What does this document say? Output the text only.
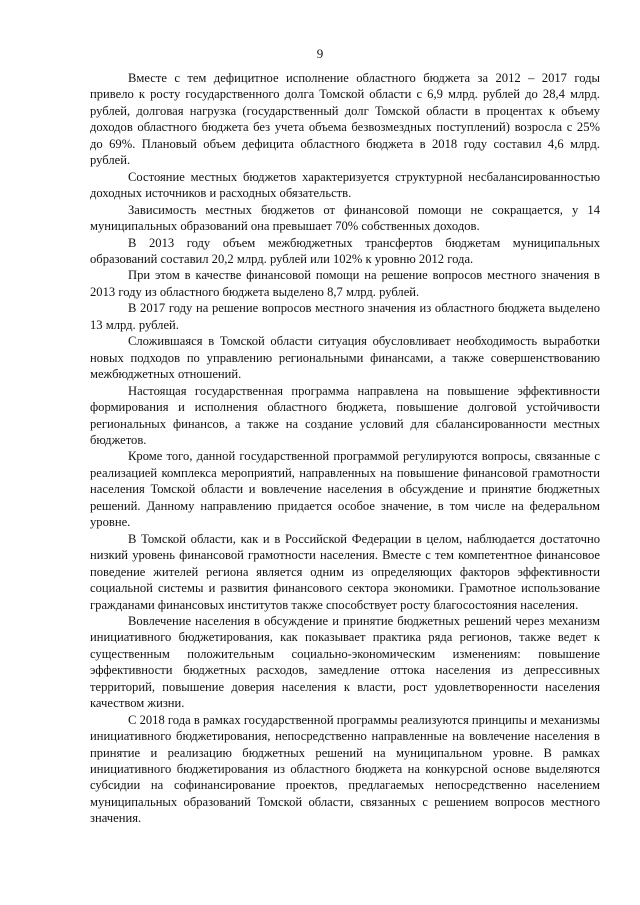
9

Вместе с тем дефицитное исполнение областного бюджета за 2012 – 2017 годы привело к росту государственного долга Томской области с 6,9 млрд. рублей до 28,4 млрд. рублей, долговая нагрузка (государственный долг Томской области в процентах к объему доходов областного бюджета без учета объема безвозмездных поступлений) возросла с 25% до 69%. Плановый объем дефицита областного бюджета в 2018 году составил 4,6 млрд. рублей.

Состояние местных бюджетов характеризуется структурной несбалансированностью доходных источников и расходных обязательств.

Зависимость местных бюджетов от финансовой помощи не сокращается, у 14 муниципальных образований она превышает 70% собственных доходов.

В 2013 году объем межбюджетных трансфертов бюджетам муниципальных образований составил 20,2 млрд. рублей или 102% к уровню 2012 года.

При этом в качестве финансовой помощи на решение вопросов местного значения в 2013 году из областного бюджета выделено 8,7 млрд. рублей.

В 2017 году на решение вопросов местного значения из областного бюджета выделено 13 млрд. рублей.

Сложившаяся в Томской области ситуация обусловливает необходимость выработки новых подходов по управлению региональными финансами, а также совершенствованию межбюджетных отношений.

Настоящая государственная программа направлена на повышение эффективности формирования и исполнения областного бюджета, повышение долговой устойчивости региональных финансов, а также на создание условий для сбалансированности местных бюджетов.

Кроме того, данной государственной программой регулируются вопросы, связанные с реализацией комплекса мероприятий, направленных на повышение финансовой грамотности населения Томской области и вовлечение населения в обсуждение и принятие бюджетных решений. Данному направлению придается особое значение, в том числе на федеральном уровне.

В Томской области, как и в Российской Федерации в целом, наблюдается достаточно низкий уровень финансовой грамотности населения. Вместе с тем компетентное финансовое поведение жителей региона является одним из определяющих факторов эффективности социальной системы и развития финансового сектора экономики. Грамотное использование гражданами финансовых институтов также способствует росту благосостояния населения.

Вовлечение населения в обсуждение и принятие бюджетных решений через механизм инициативного бюджетирования, как показывает практика ряда регионов, также ведет к существенным положительным социально-экономическим изменениям: повышение эффективности бюджетных расходов, замедление оттока населения из депрессивных территорий, повышение доверия населения к власти, рост удовлетворенности населения качеством жизни.

С 2018 года в рамках государственной программы реализуются принципы и механизмы инициативного бюджетирования, непосредственно направленные на вовлечение населения в принятие и реализацию бюджетных решений на муниципальном уровне. В рамках инициативного бюджетирования из областного бюджета на конкурсной основе выделяются субсидии на софинансирование проектов, предлагаемых непосредственно населением муниципальных образований Томской области, связанных с решением вопросов местного значения.
